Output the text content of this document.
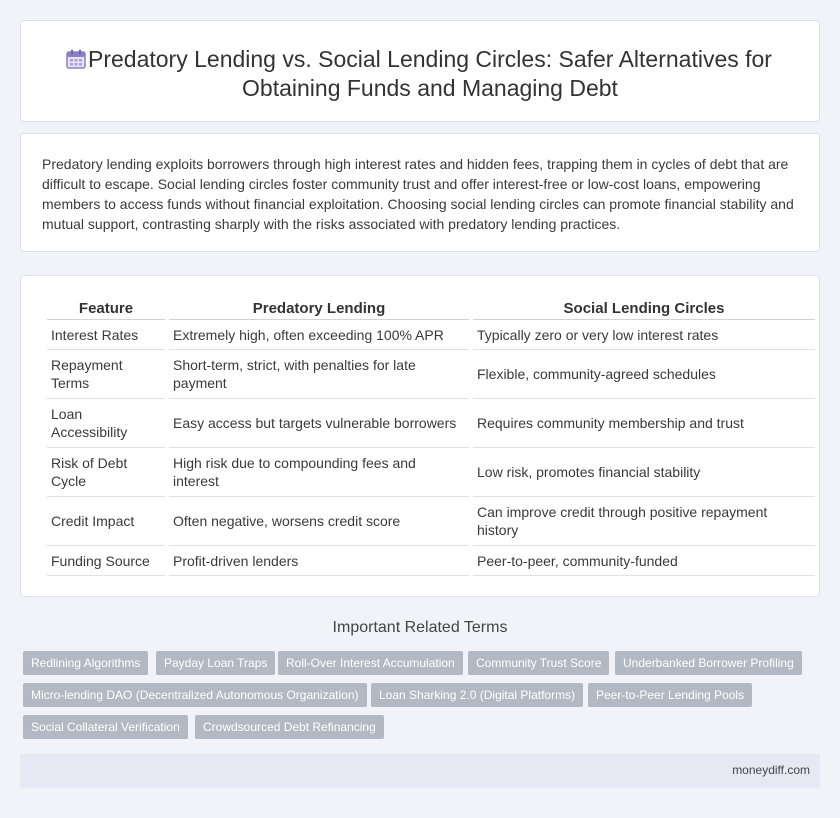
Predatory Lending vs. Social Lending Circles: Safer Alternatives for Obtaining Funds and Managing Debt

Predatory lending exploits borrowers through high interest rates and hidden fees, trapping them in cycles of debt that are difficult to escape. Social lending circles foster community trust and offer interest-free or low-cost loans, empowering members to access funds without financial exploitation. Choosing social lending circles can promote financial stability and mutual support, contrasting sharply with the risks associated with predatory lending practices.

Feature	Predatory Lending	Social Lending Circles
Interest Rates	Extremely high, often exceeding 100% APR	Typically zero or very low interest rates
Repayment Terms	Short-term, strict, with penalties for late payment	Flexible, community-agreed schedules
Loan Accessibility	Easy access but targets vulnerable borrowers	Requires community membership and trust
Risk of Debt Cycle	High risk due to compounding fees and interest	Low risk, promotes financial stability
Credit Impact	Often negative, worsens credit score	Can improve credit through positive repayment history
Funding Source	Profit-driven lenders	Peer-to-peer, community-funded
Important Related Terms
Redlining Algorithms	Payday Loan Traps	Roll-Over Interest Accumulation	Community Trust Score	Underbanked Borrower Profiling
Micro-lending DAO (Decentralized Autonomous Organization)	Loan Sharking 2.0 (Digital Platforms)	Peer-to-Peer Lending Pools
Social Collateral Verification	Crowdsourced Debt Refinancing
moneydiff.com
